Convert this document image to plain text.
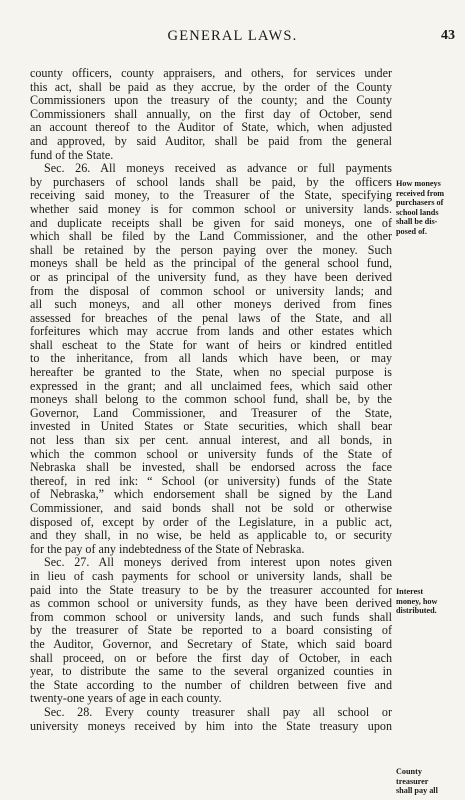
GENERAL LAWS.	43
county officers, county appraisers, and others, for services under
this act, shall be paid as they accrue, by the order of the County
Commissioners upon the treasury of the county; and the County
Commissioners shall annually, on the first day of October, send
an account thereof to the Auditor of State, which, when adjusted
and approved, by said Auditor, shall be paid from the general
fund of the State.
Sec. 26. All moneys received as advance or full payments
by purchasers of school lands shall be paid, by the officers
receiving said money, to the Treasurer of the State, specifying
whether said money is for common school or university lands.
and duplicate receipts shall be given for said moneys, one of
which shall be filed by the Land Commissioner, and the other
shall be retained by the person paying over the money. Such
moneys shall be held as the principal of the general school fund,
or as principal of the university fund, as they have been derived
from the disposal of common school or university lands; and
all such moneys, and all other moneys derived from fines
assessed for breaches of the penal laws of the State, and all
forfeitures which may accrue from lands and other estates which
shall escheat to the State for want of heirs or kindred entitled
to the inheritance, from all lands which have been, or may
hereafter be granted to the State, when no special purpose is
expressed in the grant; and all unclaimed fees, which said other
moneys shall belong to the common school fund, shall be, by the
Governor, Land Commissioner, and Treasurer of the State,
invested in United States or State securities, which shall bear
not less than six per cent. annual interest, and all bonds, in
which the common school or university funds of the State of
Nebraska shall be invested, shall be endorsed across the face
thereof, in red ink: “ School (or university) funds of the State
of Nebraska,” which endorsement shall be signed by the Land
Commissioner, and said bonds shall not be sold or otherwise
disposed of, except by order of the Legislature, in a public act,
and they shall, in no wise, be held as applicable to, or security
for the pay of any indebtedness of the State of Nebraska.
Sec. 27. All moneys derived from interest upon notes given
in lieu of cash payments for school or university lands, shall be
paid into the State treasury to be by the treasurer accounted for
as common school or university funds, as they have been derived
from common school or university lands, and such funds shall
by the treasurer of State be reported to a board consisting of
the Auditor, Governor, and Secretary of State, which said board
shall proceed, on or before the first day of October, in each
year, to distribute the same to the several organized counties in
the State according to the number of children between five and
twenty-one years of age in each county.
Sec. 28. Every county treasurer shall pay all school or
university moneys received by him into the State treasury upon
How moneys
received from
purchasers of
school lands
shall be dis-
posed of.
Interest
money, how
distributed.
County
treasurer
shall pay all
